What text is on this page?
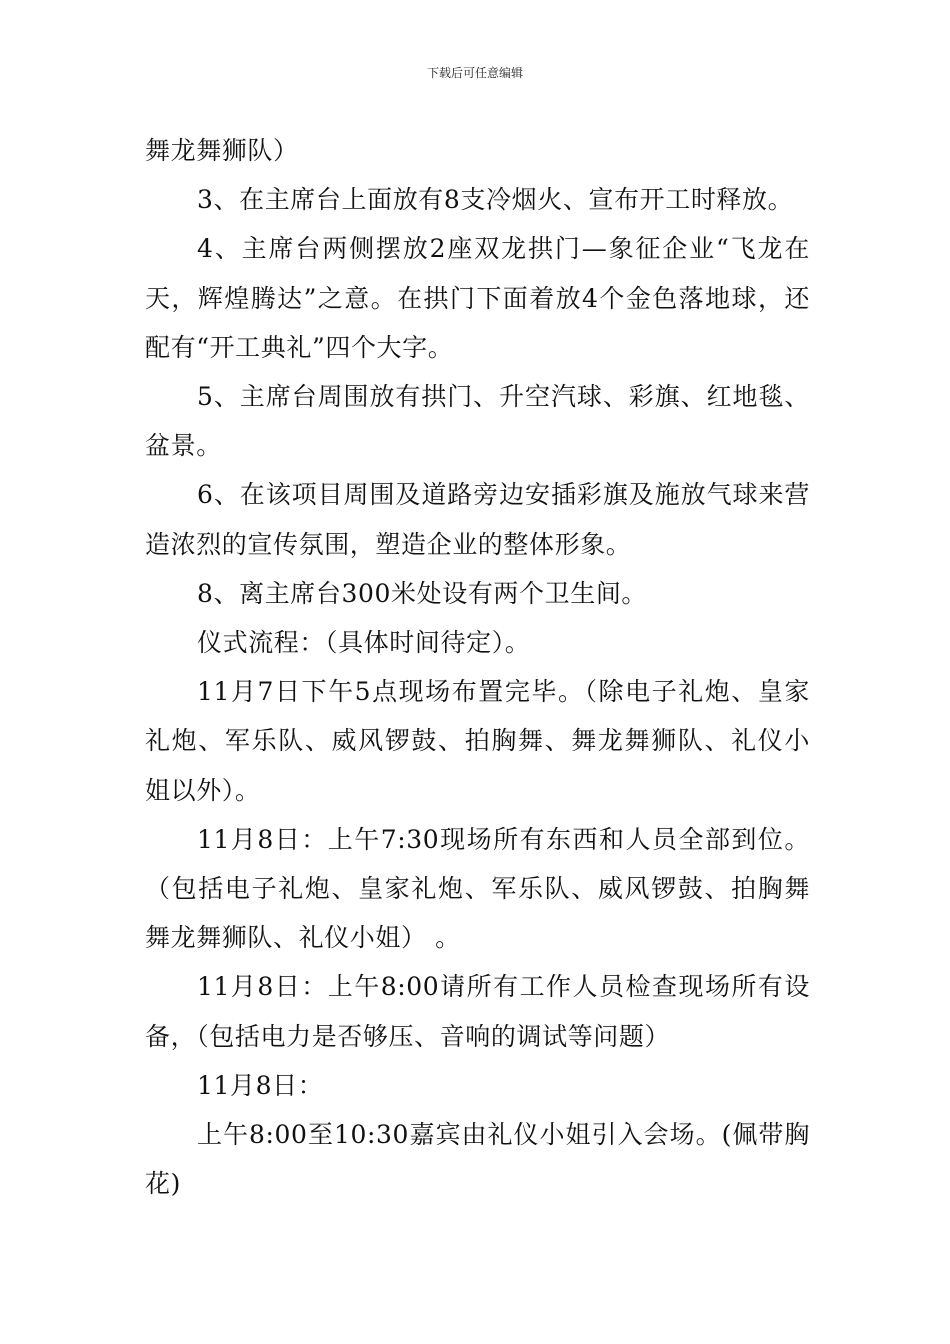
下载后可任意编辑

舞龙舞狮队）

3、在主席台上面放有8支冷烟火、宣布开工时释放。

4、主席台两侧摆放2座双龙拱门—象征企业“飞龙在天，辉煌腾达”之意。在拱门下面着放4个金色落地球，还配有“开工典礼”四个大字。

5、主席台周围放有拱门、升空汽球、彩旗、红地毯、盆景。

6、在该项目周围及道路旁边安插彩旗及施放气球来营造浓烈的宣传氛围，塑造企业的整体形象。

8、离主席台300米处设有两个卫生间。

仪式流程：（具体时间待定）。

11月7日下午5点现场布置完毕。（除电子礼炮、皇家礼炮、军乐队、威风锣鼓、拍胸舞、舞龙舞狮队、礼仪小姐以外）。

11月8日：上午7:30现场所有东西和人员全部到位。（包括电子礼炮、皇家礼炮、军乐队、威风锣鼓、拍胸舞舞龙舞狮队、礼仪小姐） 。

11月8日：上午8:00请所有工作人员检查现场所有设备，（包括电力是否够压、音响的调试等问题）

11月8日：

上午8:00至10:30嘉宾由礼仪小姐引入会场。(佩带胸花)
